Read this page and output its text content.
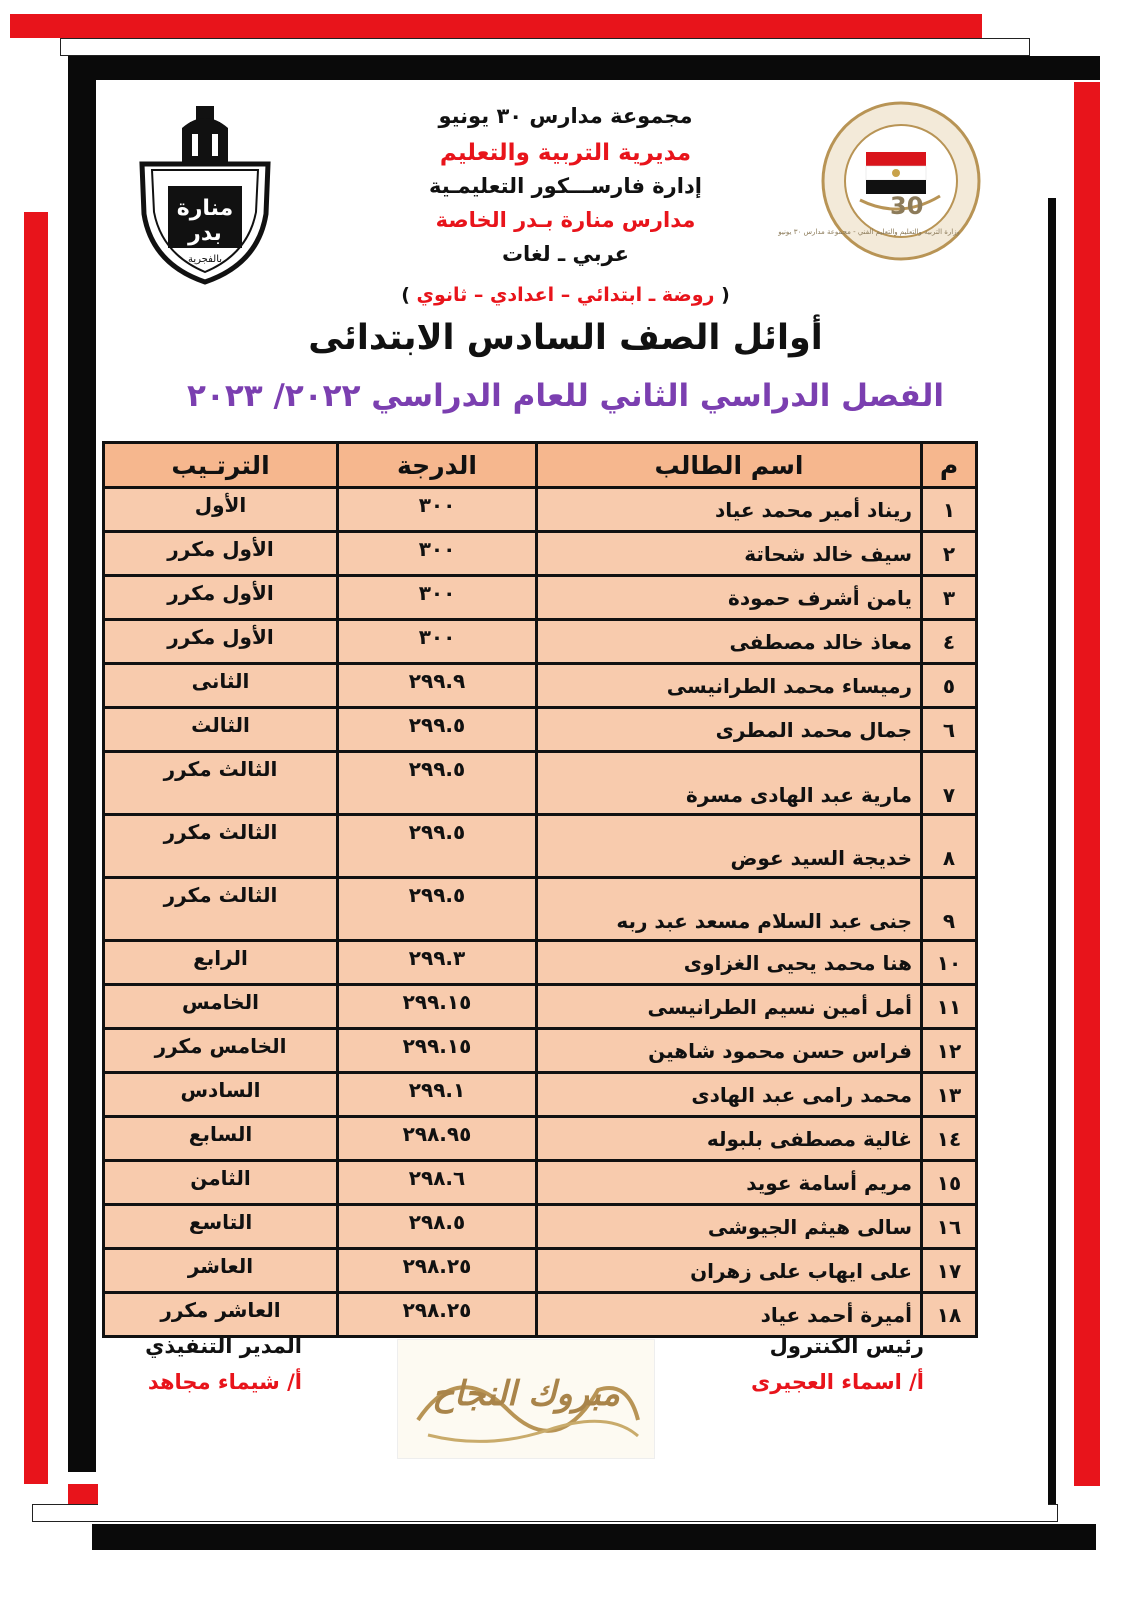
منارة بدر
بالفجرية
30
وزارة التربية والتعليم والتعليم الفني - مجموعة مدارس ٣٠ يونيو
مجموعة مدارس ٣٠ يونيو
مديرية التربية والتعليم
إدارة فارســـكور التعليمـية
مدارس منارة بـدر الخاصة
عربي ـ لغات
( روضة ـ ابتدائي – اعدادي – ثانوي )
أوائل الصف السادس الابتدائى
الفصل الدراسي الثاني للعام الدراسي ٢٠٢٢/ ٢٠٢٣
م	اسم الطالب	الدرجة	الترتـيب
١	ريناد أمير محمد عياد	٣٠٠	الأول
٢	سيف خالد شحاتة	٣٠٠	الأول مكرر
٣	يامن أشرف حمودة	٣٠٠	الأول مكرر
٤	معاذ خالد مصطفى	٣٠٠	الأول مكرر
٥	رميساء محمد الطرانيسى	٢٩٩.٩	الثانى
٦	جمال محمد المطرى	٢٩٩.٥	الثالث
٧	مارية عبد الهادى مسرة	٢٩٩.٥	الثالث مكرر
٨	خديجة السيد عوض	٢٩٩.٥	الثالث مكرر
٩	جنى عبد السلام مسعد عبد ربه	٢٩٩.٥	الثالث مكرر
١٠	هنا محمد يحيى الغزاوى	٢٩٩.٣	الرابع
١١	أمل أمين نسيم الطرانيسى	٢٩٩.١٥	الخامس
١٢	فراس حسن محمود شاهين	٢٩٩.١٥	الخامس مكرر
١٣	محمد رامى عبد الهادى	٢٩٩.١	السادس
١٤	غالية مصطفى بلبوله	٢٩٨.٩٥	السابع
١٥	مريم أسامة عويد	٢٩٨.٦	الثامن
١٦	سالى هيثم الجيوشى	٢٩٨.٥	التاسع
١٧	على ايهاب على زهران	٢٩٨.٢٥	العاشر
١٨	أميرة أحمد عياد	٢٩٨.٢٥	العاشر مكرر
رئيس الكنترول
أ/ اسماء العجيرى
المدير التنفيذي
أ/ شيماء مجاهد	مبروك النجاح
